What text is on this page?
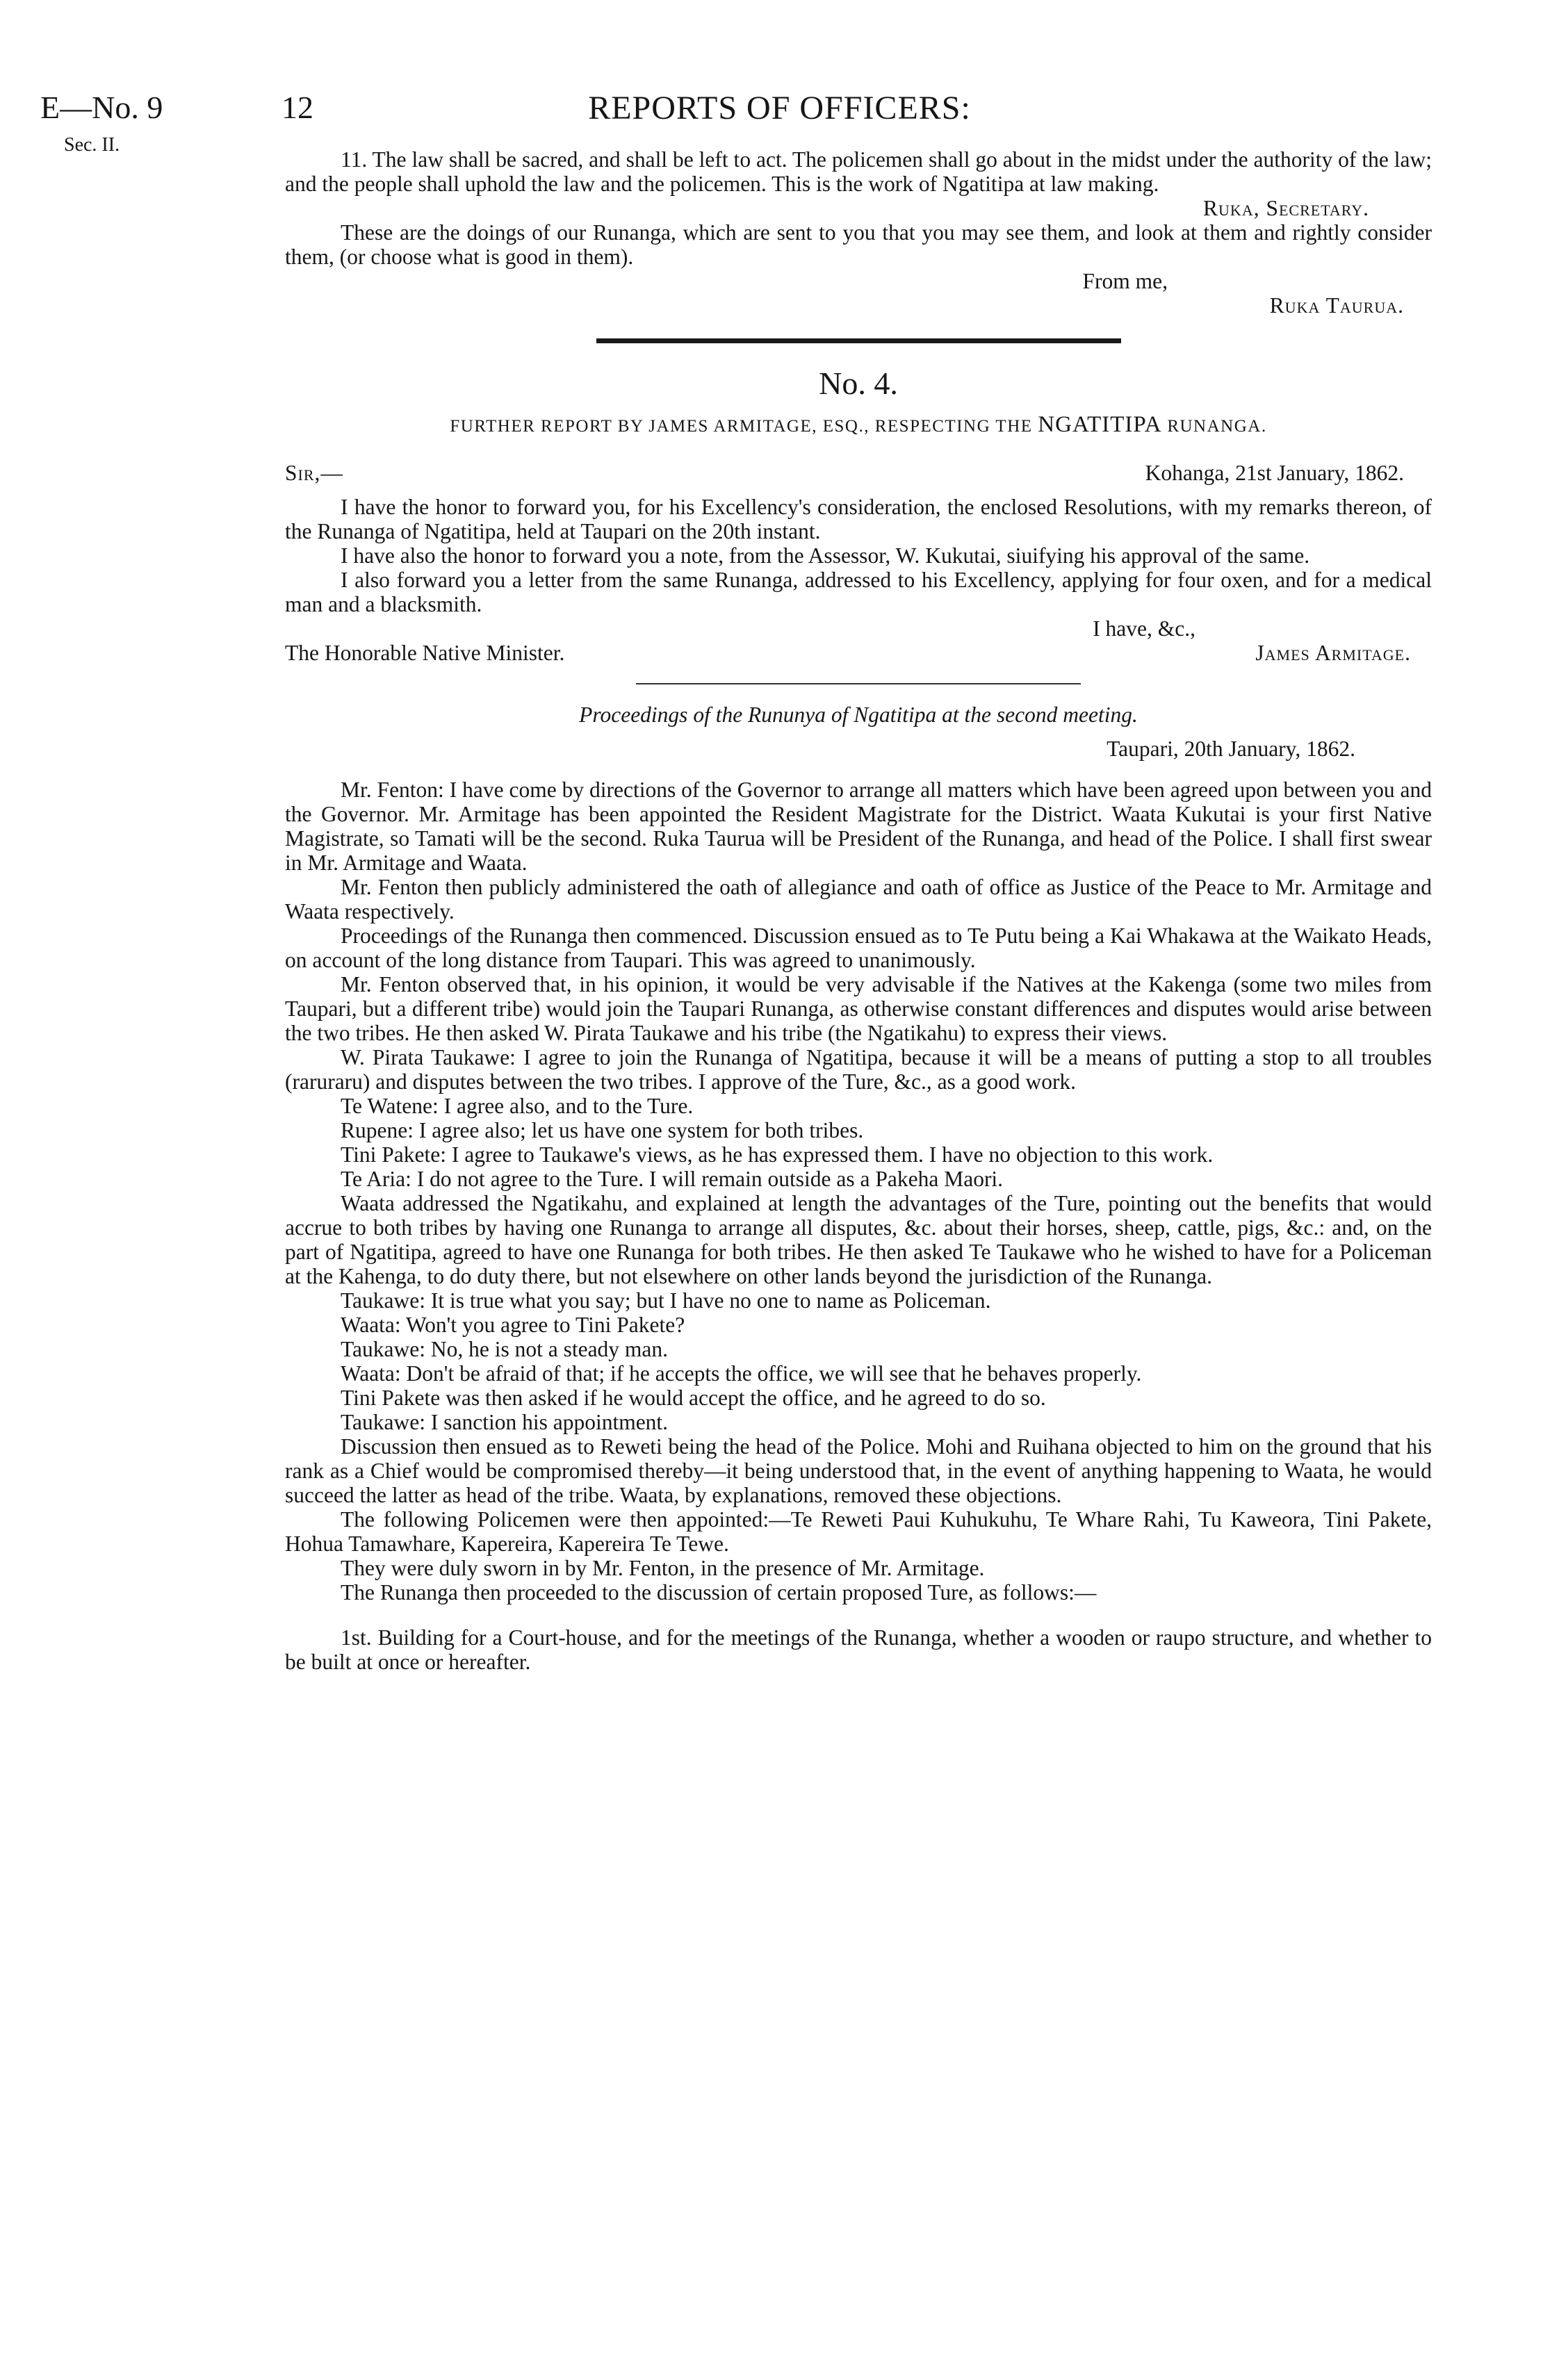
E—No. 9
Sec. II.
12	REPORTS OF OFFICERS:

11. The law shall be sacred, and shall be left to act. The policemen shall go about in the midst under the authority of the law; and the people shall uphold the law and the policemen. This is the work of Ngatitipa at law making.

Ruka, Secretary.

These are the doings of our Runanga, which are sent to you that you may see them, and look at them and rightly consider them, (or choose what is good in them).

From me,
Ruka Taurua.
No. 4.
FURTHER REPORT BY JAMES ARMITAGE, ESQ., RESPECTING THE NGATITIPA RUNANGA.
Sir,—	Kohanga, 21st January, 1862.

I have the honor to forward you, for his Excellency's consideration, the enclosed Resolutions, with my remarks thereon, of the Runanga of Ngatitipa, held at Taupari on the 20th instant.

I have also the honor to forward you a note, from the Assessor, W. Kukutai, siuifying his approval of the same.

I also forward you a letter from the same Runanga, addressed to his Excellency, applying for four oxen, and for a medical man and a blacksmith.

I have, &c.,
The Honorable Native Minister.	James Armitage.
Proceedings of the Rununya of Ngatitipa at the second meeting.
Taupari, 20th January, 1862.

Mr. Fenton: I have come by directions of the Governor to arrange all matters which have been agreed upon between you and the Governor. Mr. Armitage has been appointed the Resident Magistrate for the District. Waata Kukutai is your first Native Magistrate, so Tamati will be the second. Ruka Taurua will be President of the Runanga, and head of the Police. I shall first swear in Mr. Armitage and Waata.

Mr. Fenton then publicly administered the oath of allegiance and oath of office as Justice of the Peace to Mr. Armitage and Waata respectively.

Proceedings of the Runanga then commenced. Discussion ensued as to Te Putu being a Kai Whakawa at the Waikato Heads, on account of the long distance from Taupari. This was agreed to unanimously.

Mr. Fenton observed that, in his opinion, it would be very advisable if the Natives at the Kakenga (some two miles from Taupari, but a different tribe) would join the Taupari Runanga, as otherwise constant differences and disputes would arise between the two tribes. He then asked W. Pirata Taukawe and his tribe (the Ngatikahu) to express their views.

W. Pirata Taukawe: I agree to join the Runanga of Ngatitipa, because it will be a means of putting a stop to all troubles (raruraru) and disputes between the two tribes. I approve of the Ture, &c., as a good work.

Te Watene: I agree also, and to the Ture.

Rupene: I agree also; let us have one system for both tribes.

Tini Pakete: I agree to Taukawe's views, as he has expressed them. I have no objection to this work.

Te Aria: I do not agree to the Ture. I will remain outside as a Pakeha Maori.

Waata addressed the Ngatikahu, and explained at length the advantages of the Ture, pointing out the benefits that would accrue to both tribes by having one Runanga to arrange all disputes, &c. about their horses, sheep, cattle, pigs, &c.: and, on the part of Ngatitipa, agreed to have one Runanga for both tribes. He then asked Te Taukawe who he wished to have for a Policeman at the Kahenga, to do duty there, but not elsewhere on other lands beyond the jurisdiction of the Runanga.

Taukawe: It is true what you say; but I have no one to name as Policeman.

Waata: Won't you agree to Tini Pakete?

Taukawe: No, he is not a steady man.

Waata: Don't be afraid of that; if he accepts the office, we will see that he behaves properly.

Tini Pakete was then asked if he would accept the office, and he agreed to do so.

Taukawe: I sanction his appointment.

Discussion then ensued as to Reweti being the head of the Police. Mohi and Ruihana objected to him on the ground that his rank as a Chief would be compromised thereby—it being understood that, in the event of anything happening to Waata, he would succeed the latter as head of the tribe. Waata, by explanations, removed these objections.

The following Policemen were then appointed:—Te Reweti Paui Kuhukuhu, Te Whare Rahi, Tu Kaweora, Tini Pakete, Hohua Tamawhare, Kapereira, Kapereira Te Tewe.

They were duly sworn in by Mr. Fenton, in the presence of Mr. Armitage.

The Runanga then proceeded to the discussion of certain proposed Ture, as follows:—

1st. Building for a Court-house, and for the meetings of the Runanga, whether a wooden or raupo structure, and whether to be built at once or hereafter.
